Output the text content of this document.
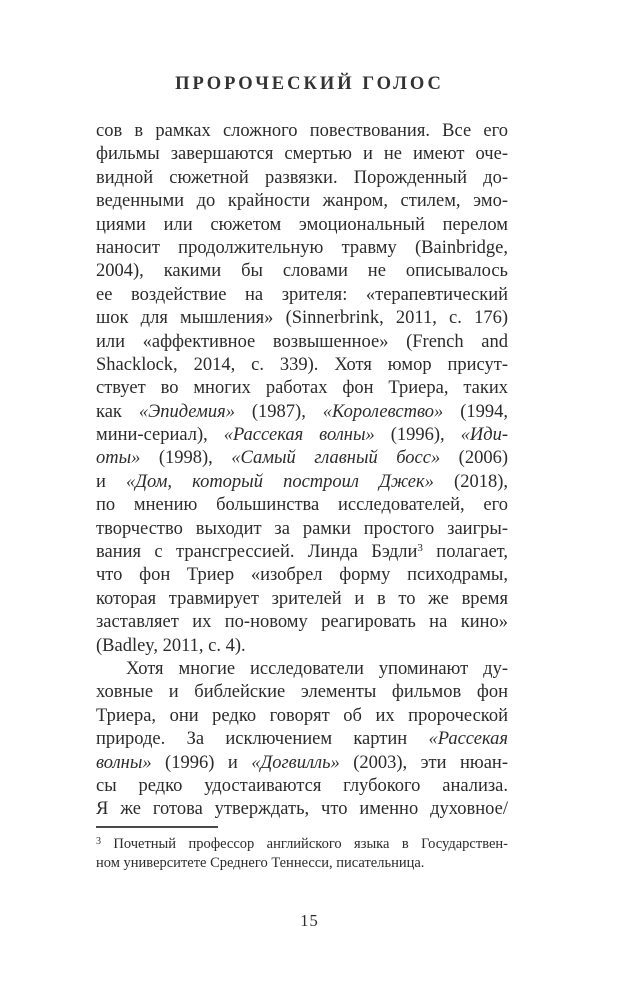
ПРОРОЧЕСКИЙ ГОЛОС
сов в рамках сложного повествования. Все его
фильмы завершаются смертью и не имеют оче-
видной сюжетной развязки. Порожденный до-
веденными до крайности жанром, стилем, эмо-
циями или сюжетом эмоциональный перелом
наносит продолжительную травму (Bainbridge,
2004), какими бы словами не описывалось
ее воздействие на зрителя: «терапевтический
шок для мышления» (Sinnerbrink, 2011, с. 176)
или «аффективное возвышенное» (French and
Shacklock, 2014, с. 339). Хотя юмор присут-
ствует во многих работах фон Триера, таких
как «Эпидемия» (1987), «Королевство» (1994,
мини-сериал), «Рассекая волны» (1996), «Иди-
оты» (1998), «Самый главный босс» (2006)
и «Дом, который построил Джек» (2018),
по мнению большинства исследователей, его
творчество выходит за рамки простого заигры-
вания с трансгрессией. Линда Бэдли$^3$ полагает,
что фон Триер «изобрел форму психодрамы,
которая травмирует зрителей и в то же время
заставляет их по-новому реагировать на кино»
(Badley, 2011, с. 4).
Хотя многие исследователи упоминают ду-
ховные и библейские элементы фильмов фон
Триера, они редко говорят об их пророческой
природе. За исключением картин «Рассекая
волны» (1996) и «Догвилль» (2003), эти нюан-
сы редко удостаиваются глубокого анализа.
Я же готова утверждать, что именно духовное/
$^3$ Почетный профессор английского языка в Государствен-
ном университете Среднего Теннесси, писательница.
15
